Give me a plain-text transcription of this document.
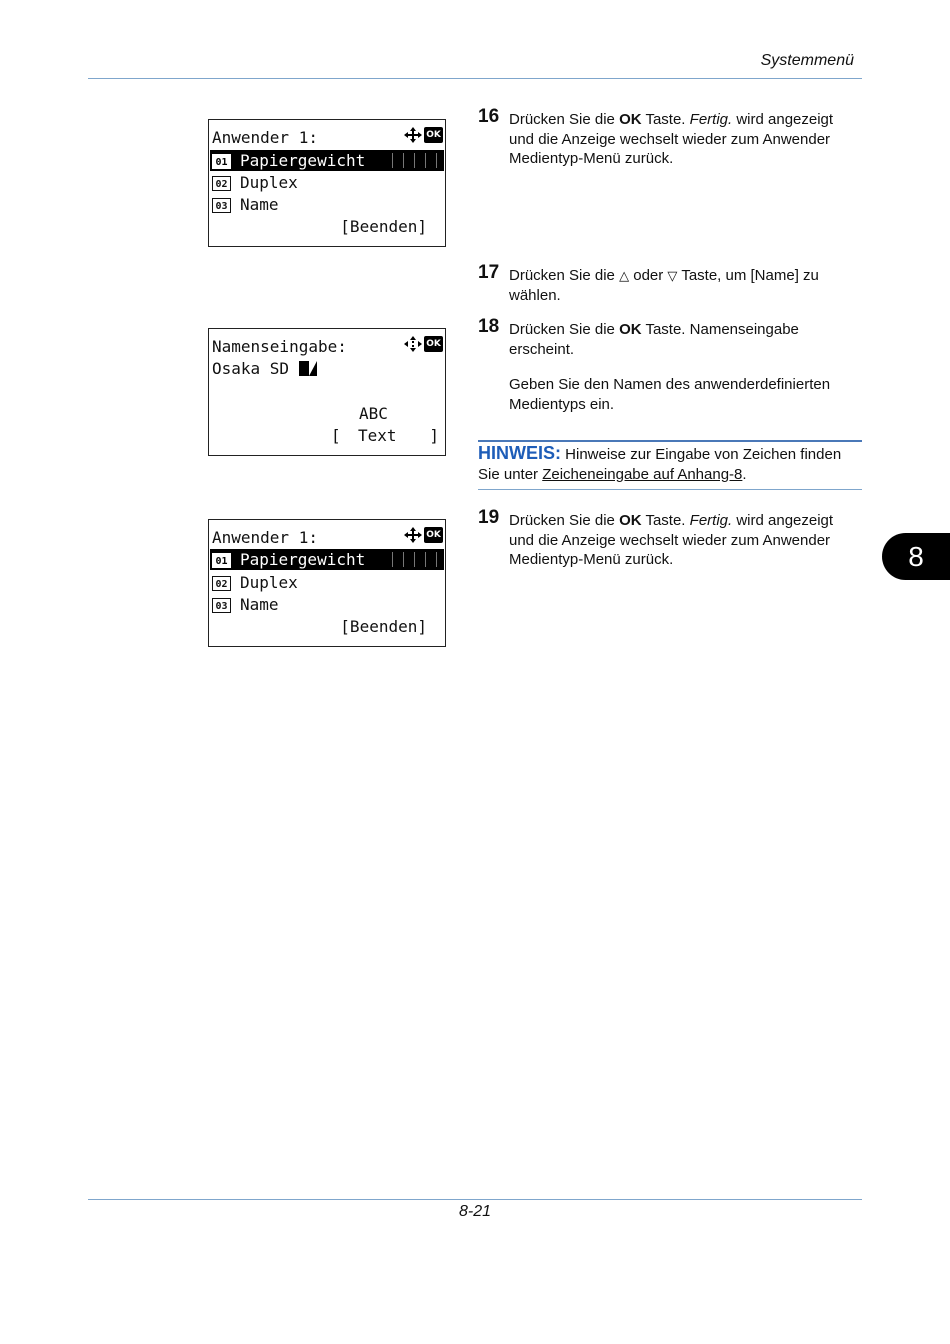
Systemmenü
Anwender 1:	OK
01 Papiergewicht
02 Duplex
03 Name
[Beenden]
Namenseingabe:	OK
Osaka SD
ABC
[ Text ]
Anwender 1:	OK
01 Papiergewicht
02 Duplex
03 Name
[Beenden]
16 Drücken Sie die OK Taste. Fertig. wird angezeigt und die Anzeige wechselt wieder zum Anwender Medientyp-Menü zurück.
17 Drücken Sie die △ oder ▽ Taste, um [Name] zu wählen.
18 Drücken Sie die OK Taste. Namenseingabe erscheint.
Geben Sie den Namen des anwenderdefinierten Medientyps ein.
HINWEIS: Hinweise zur Eingabe von Zeichen finden Sie unter Zeicheneingabe auf Anhang-8.
19 Drücken Sie die OK Taste. Fertig. wird angezeigt und die Anzeige wechselt wieder zum Anwender Medientyp-Menü zurück.	8
8-21
